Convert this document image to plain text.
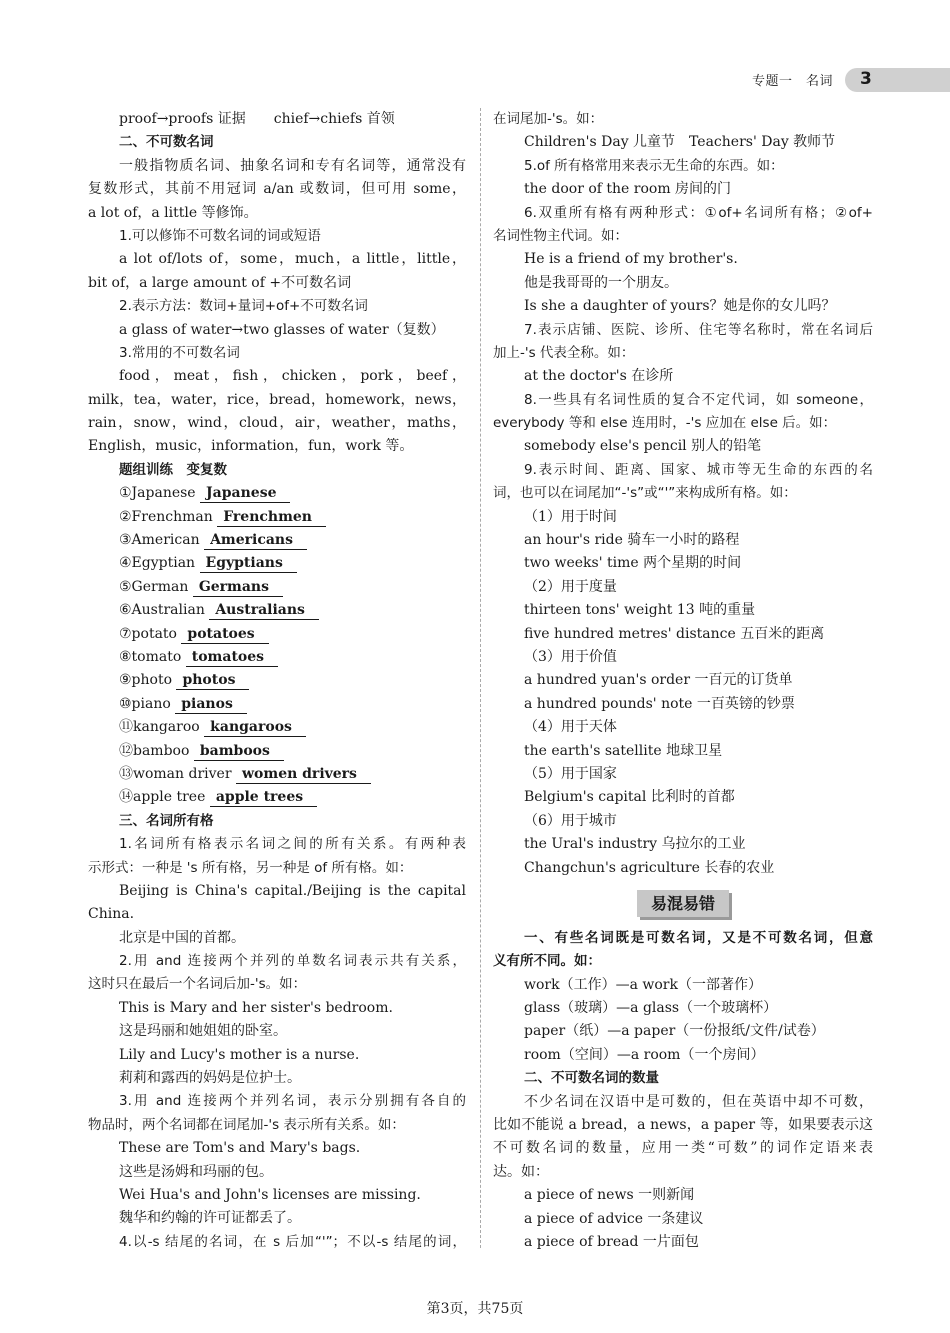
专题一　名词 3
proof→proofs 证据　　chief→chiefs 首领
二、不可数名词
一般指物质名词、抽象名词和专有名词等，通常没有
复数形式，其前不用冠词 a/an 或数词，但可用 some，
a lot of，a little 等修饰。
1.可以修饰不可数名词的词或短语
a lot of/lots of，some，much，a little，little，
bit of，a large amount of +不可数名词
2.表示方法：数词+量词+of+不可数名词
a glass of water→two glasses of water（复数）
3.常用的不可数名词
food，meat，fish，chicken，pork，beef，
milk，tea，water，rice，bread，homework，news，
rain，snow，wind，cloud，air，weather，maths，
English，music，information，fun，work 等。
题组训练　变复数
①Japanese Japanese
②Frenchman Frenchmen
③American Americans
④Egyptian Egyptians
⑤German Germans
⑥Australian Australians
⑦potato potatoes
⑧tomato tomatoes
⑨photo photos
⑩piano pianos
⑪kangaroo kangaroos
⑫bamboo bamboos
⑬woman driver women drivers
⑭apple tree apple trees
三、名词所有格
1.名词所有格表示名词之间的所有关系。有两种表
示形式：一种是 's 所有格，另一种是 of 所有格。如：
Beijing is China's capital./Beijing is the capital
China.
北京是中国的首都。
2.用 and 连接两个并列的单数名词表示共有关系，
这时只在最后一个名词后加-'s。如：
This is Mary and her sister's bedroom.
这是玛丽和她姐姐的卧室。
Lily and Lucy's mother is a nurse.
莉莉和露西的妈妈是位护士。
3.用 and 连接两个并列名词，表示分别拥有各自的
物品时，两个名词都在词尾加-'s 表示所有关系。如：
These are Tom's and Mary's bags.
这些是汤姆和玛丽的包。
Wei Hua's and John's licenses are missing.
魏华和约翰的许可证都丢了。
4.以-s 结尾的名词，在 s 后加“'”；不以-s 结尾的词，
在词尾加-'s。如：
Children's Day 儿童节　Teachers' Day 教师节
5.of 所有格常用来表示无生命的东西。如：
the door of the room 房间的门
6.双重所有格有两种形式：①of+名词所有格；②of+
名词性物主代词。如：
He is a friend of my brother's.
他是我哥哥的一个朋友。
Is she a daughter of yours？她是你的女儿吗？
7.表示店铺、医院、诊所、住宅等名称时，常在名词后
加上-'s 代表全称。如：
at the doctor's 在诊所
8.一些具有名词性质的复合不定代词，如 someone，
everybody 等和 else 连用时，-'s 应加在 else 后。如：
somebody else's pencil 别人的铅笔
9.表示时间、距离、国家、城市等无生命的东西的名
词，也可以在词尾加“-'s”或“'”来构成所有格。如：
（1）用于时间
an hour's ride 骑车一小时的路程
two weeks' time 两个星期的时间
（2）用于度量
thirteen tons' weight 13 吨的重量
five hundred metres' distance 五百米的距离
（3）用于价值
a hundred yuan's order 一百元的订货单
a hundred pounds' note 一百英镑的钞票
（4）用于天体
the earth's satellite 地球卫星
（5）用于国家
Belgium's capital 比利时的首都
（6）用于城市
the Ural's industry 乌拉尔的工业
Changchun's agriculture 长春的农业
易混易错
一、有些名词既是可数名词，又是不可数名词，但意
义有所不同。如：
work（工作）—a work（一部著作）
glass（玻璃）—a glass（一个玻璃杯）
paper（纸）—a paper（一份报纸/文件/试卷）
room（空间）—a room（一个房间）
二、不可数名词的数量
不少名词在汉语中是可数的，但在英语中却不可数，
比如不能说 a bread，a news，a paper 等，如果要表示这
不可数名词的数量，应用一类“可数”的词作定语来表
达。如：
a piece of news 一则新闻
a piece of advice 一条建议
a piece of bread 一片面包
第3页，共75页
